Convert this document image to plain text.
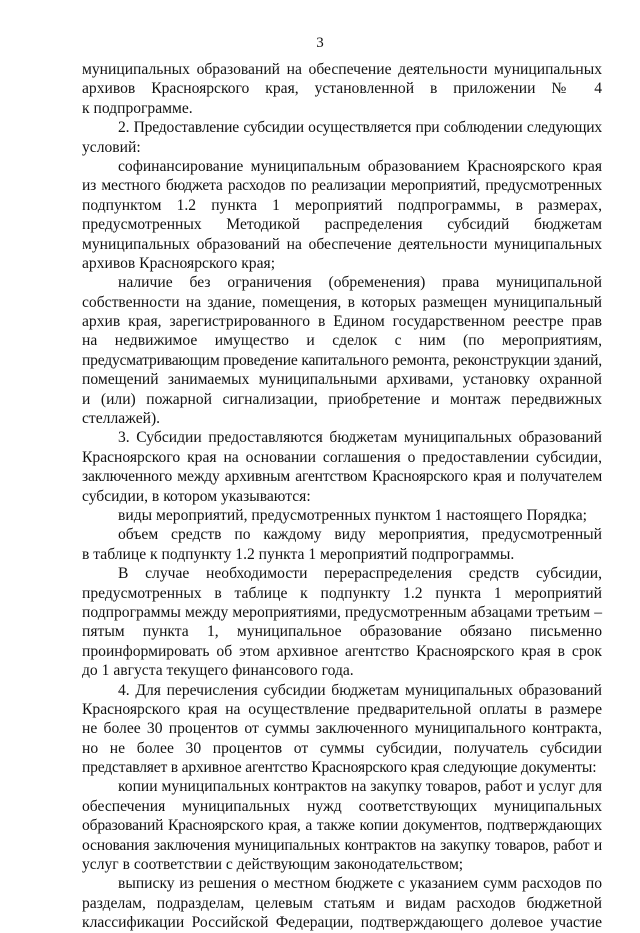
3
муниципальных образований на обеспечение деятельности муниципальных
архивов Красноярского края, установленной в приложении № 4
к подпрограмме.
2. Предоставление субсидии осуществляется при соблюдении следующих
условий:
софинансирование муниципальным образованием Красноярского края
из местного бюджета расходов по реализации мероприятий, предусмотренных
подпунктом 1.2 пункта 1 мероприятий подпрограммы, в размерах,
предусмотренных Методикой распределения субсидий бюджетам
муниципальных образований на обеспечение деятельности муниципальных
архивов Красноярского края;
наличие без ограничения (обременения) права муниципальной
собственности на здание, помещения, в которых размещен муниципальный
архив края, зарегистрированного в Едином государственном реестре прав
на недвижимое имущество и сделок с ним (по мероприятиям,
предусматривающим проведение капитального ремонта, реконструкции зданий,
помещений занимаемых муниципальными архивами, установку охранной
и (или) пожарной сигнализации, приобретение и монтаж передвижных
стеллажей).
3. Субсидии предоставляются бюджетам муниципальных образований
Красноярского края на основании соглашения о предоставлении субсидии,
заключенного между архивным агентством Красноярского края и получателем
субсидии, в котором указываются:
виды мероприятий, предусмотренных пунктом 1 настоящего Порядка;
объем средств по каждому виду мероприятия, предусмотренный
в таблице к подпункту 1.2 пункта 1 мероприятий подпрограммы.
В случае необходимости перераспределения средств субсидии,
предусмотренных в таблице к подпункту 1.2 пункта 1 мероприятий
подпрограммы между мероприятиями, предусмотренным абзацами третьим –
пятым пункта 1, муниципальное образование обязано письменно
проинформировать об этом архивное агентство Красноярского края в срок
до 1 августа текущего финансового года.
4. Для перечисления субсидии бюджетам муниципальных образований
Красноярского края на осуществление предварительной оплаты в размере
не более 30 процентов от суммы заключенного муниципального контракта,
но не более 30 процентов от суммы субсидии, получатель субсидии
представляет в архивное агентство Красноярского края следующие документы:
копии муниципальных контрактов на закупку товаров, работ и услуг для
обеспечения муниципальных нужд соответствующих муниципальных
образований Красноярского края, а также копии документов, подтверждающих
основания заключения муниципальных контрактов на закупку товаров, работ и
услуг в соответствии с действующим законодательством;
выписку из решения о местном бюджете с указанием сумм расходов по
разделам, подразделам, целевым статьям и видам расходов бюджетной
классификации Российской Федерации, подтверждающего долевое участие
